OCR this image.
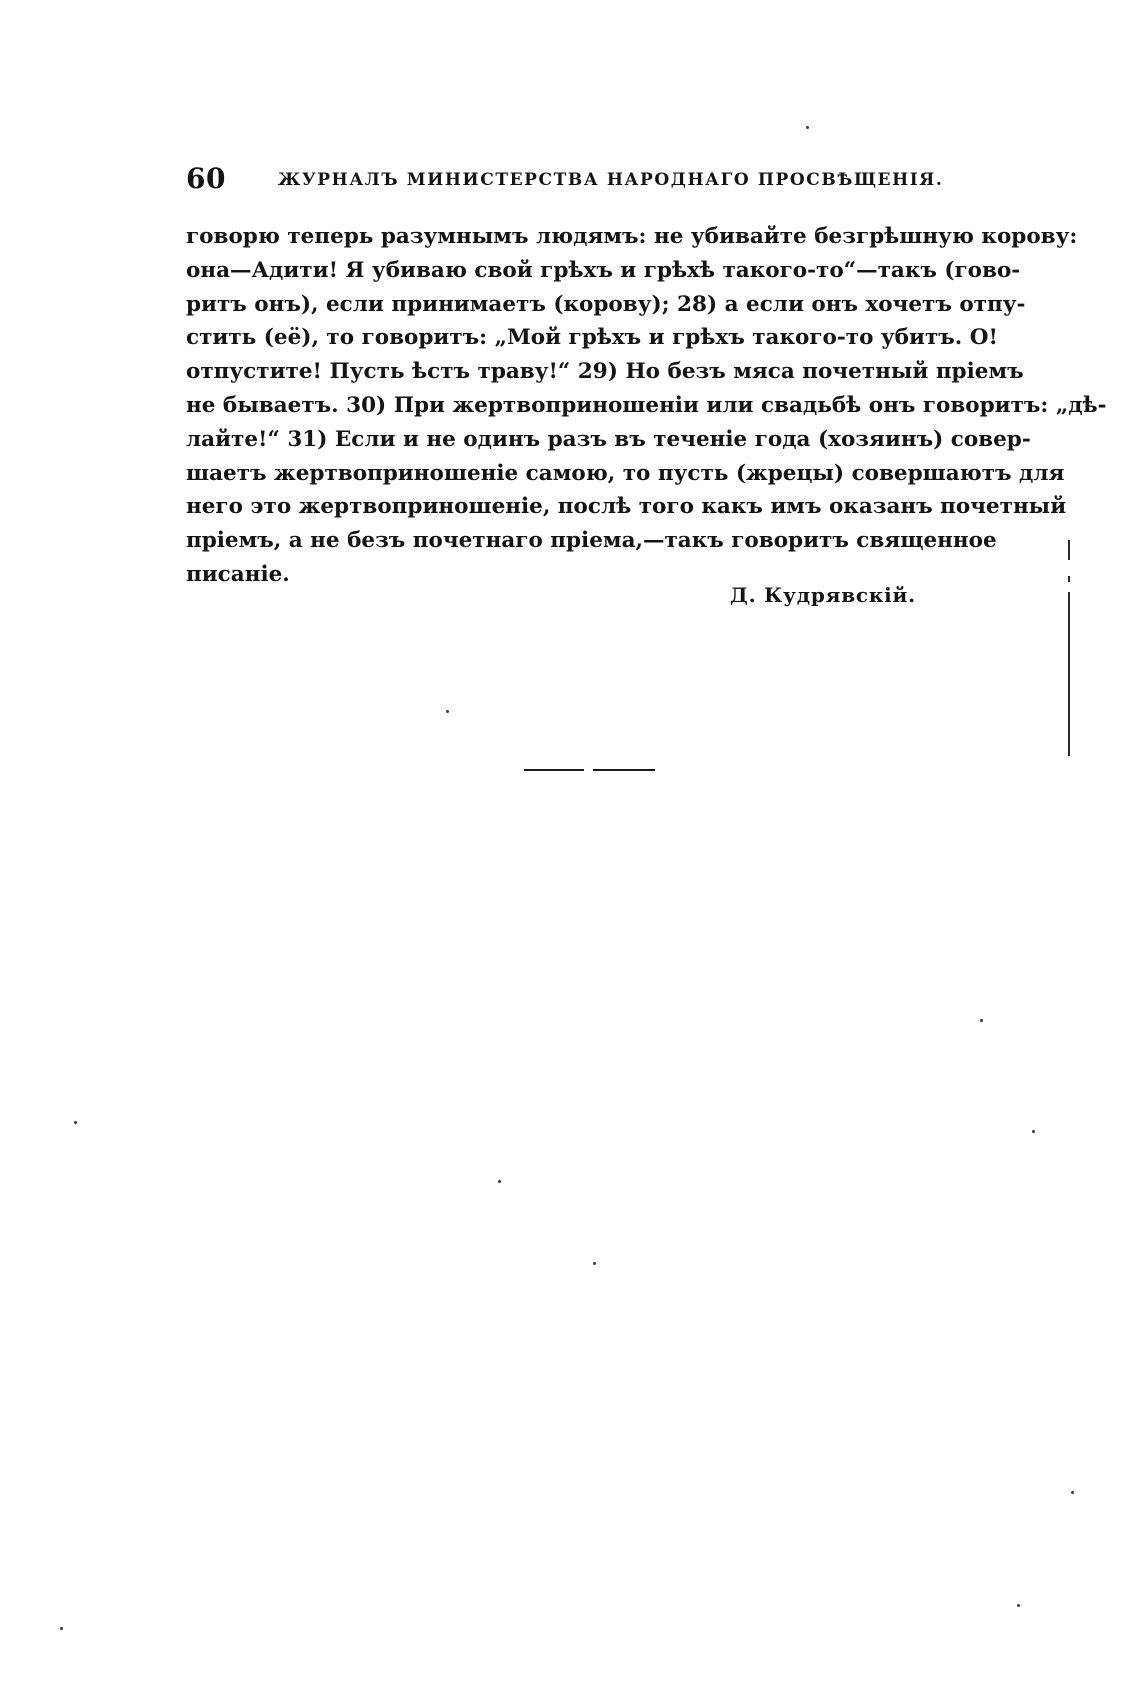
60	ЖУРНАЛЪ МИНИСТЕРСТВА НАРОДНАГО ПРОСВѢЩЕНІЯ.
говорю теперь разумнымъ людямъ: не убивайте безгрѣшную корову:
она—Адити! Я убиваю свой грѣхъ и грѣхѣ такого-то“—такъ (гово-
ритъ онъ), если принимаетъ (корову); 28) а если онъ хочетъ отпу-
стить (её), то говоритъ: „Мой грѣхъ и грѣхъ такого-то убитъ. О!
отпустите! Пусть ѣстъ траву!“ 29) Но безъ мяса почетный пріемъ
не бываетъ. 30) При жертвоприношеніи или свадьбѣ онъ говоритъ: „дѣ-
лайте!“ 31) Если и не одинъ разъ въ теченіе года (хозяинъ) совер-
шаетъ жертвоприношеніе самою, то пусть (жрецы) совершаютъ для
него это жертвоприношеніе, послѣ того какъ имъ оказанъ почетный
пріемъ, а не безъ почетнаго пріема,—такъ говоритъ священное
писаніе.
Д. Кудрявскій.
